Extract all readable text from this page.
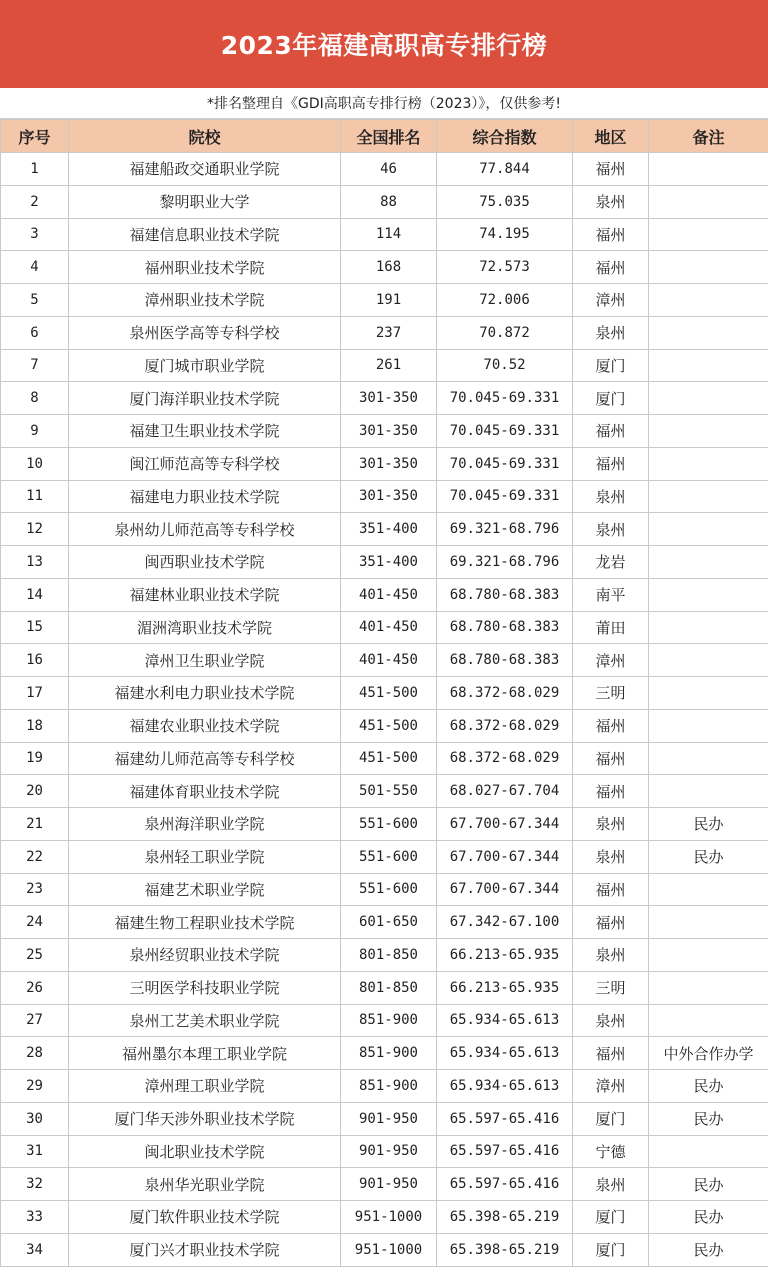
2023年福建高职高专排行榜
*排名整理自《GDI高职高专排行榜（2023）》，仅供参考!
序号	院校	全国排名	综合指数	地区	备注
1	福建船政交通职业学院	46	77.844	福州	
2	黎明职业大学	88	75.035	泉州	
3	福建信息职业技术学院	114	74.195	福州	
4	福州职业技术学院	168	72.573	福州	
5	漳州职业技术学院	191	72.006	漳州	
6	泉州医学高等专科学校	237	70.872	泉州	
7	厦门城市职业学院	261	70.52	厦门	
8	厦门海洋职业技术学院	301-350	70.045-69.331	厦门	
9	福建卫生职业技术学院	301-350	70.045-69.331	福州	
10	闽江师范高等专科学校	301-350	70.045-69.331	福州	
11	福建电力职业技术学院	301-350	70.045-69.331	泉州	
12	泉州幼儿师范高等专科学校	351-400	69.321-68.796	泉州	
13	闽西职业技术学院	351-400	69.321-68.796	龙岩	
14	福建林业职业技术学院	401-450	68.780-68.383	南平	
15	湄洲湾职业技术学院	401-450	68.780-68.383	莆田	
16	漳州卫生职业学院	401-450	68.780-68.383	漳州	
17	福建水利电力职业技术学院	451-500	68.372-68.029	三明	
18	福建农业职业技术学院	451-500	68.372-68.029	福州	
19	福建幼儿师范高等专科学校	451-500	68.372-68.029	福州	
20	福建体育职业技术学院	501-550	68.027-67.704	福州	
21	泉州海洋职业学院	551-600	67.700-67.344	泉州	民办
22	泉州轻工职业学院	551-600	67.700-67.344	泉州	民办
23	福建艺术职业学院	551-600	67.700-67.344	福州	
24	福建生物工程职业技术学院	601-650	67.342-67.100	福州	
25	泉州经贸职业技术学院	801-850	66.213-65.935	泉州	
26	三明医学科技职业学院	801-850	66.213-65.935	三明	
27	泉州工艺美术职业学院	851-900	65.934-65.613	泉州	
28	福州墨尔本理工职业学院	851-900	65.934-65.613	福州	中外合作办学
29	漳州理工职业学院	851-900	65.934-65.613	漳州	民办
30	厦门华天涉外职业技术学院	901-950	65.597-65.416	厦门	民办
31	闽北职业技术学院	901-950	65.597-65.416	宁德	
32	泉州华光职业学院	901-950	65.597-65.416	泉州	民办
33	厦门软件职业技术学院	951-1000	65.398-65.219	厦门	民办
34	厦门兴才职业技术学院	951-1000	65.398-65.219	厦门	民办
